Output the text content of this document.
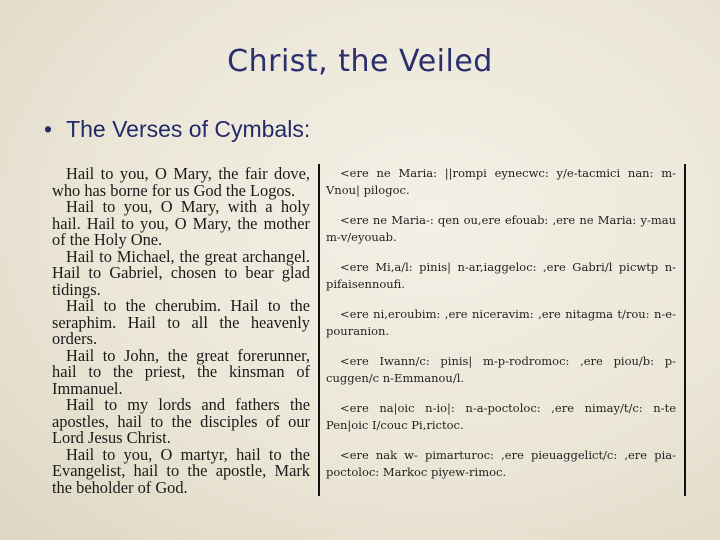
Christ, the Veiled
• The Verses of Cymbals:

Hail to you, O Mary, the fair dove, who has borne for us God the Logos.

Hail to you, O Mary, with a holy hail. Hail to you, O Mary, the mother of the Holy One.

Hail to Michael, the great archangel. Hail to Gabriel, chosen to bear glad tidings.

Hail to the cherubim. Hail to the seraphim. Hail to all the heavenly orders.

Hail to John, the great forerunner, hail to the priest, the kinsman of Immanuel.

Hail to my lords and fathers the apostles, hail to the disciples of our Lord Jesus Christ.

Hail to you, O martyr, hail to the Evangelist, hail to the apostle, Mark the beholder of God.

<ere ne Maria: ||rompi eynecwc: y/e-tacmici nan: m-Vnou| pilogoc.

<ere ne Maria-: qen ou,ere efouab: ,ere ne Maria: y-mau m-v/eyouab.

<ere Mi,a/l: pinis| n-ar,iaggeloc: ,ere Gabri/l picwtp n-pifaisennoufi.

<ere ni,eroubim: ,ere niceravim: ,ere nitagma t/rou: n-e-pouranion.

<ere Iwann/c: pinis| m-p-rodromoc: ,ere piou/b: p-cuggen/c n-Emmanou/l.

<ere na|oic n-io|: n-a-poctoloc: ,ere nimay/t/c: n-te Pen|oic I/couc Pi,rictoc.

<ere nak w- pimarturoc: ,ere pieuaggelict/c: ,ere pia-poctoloc: Markoc piyew-rimoc.
